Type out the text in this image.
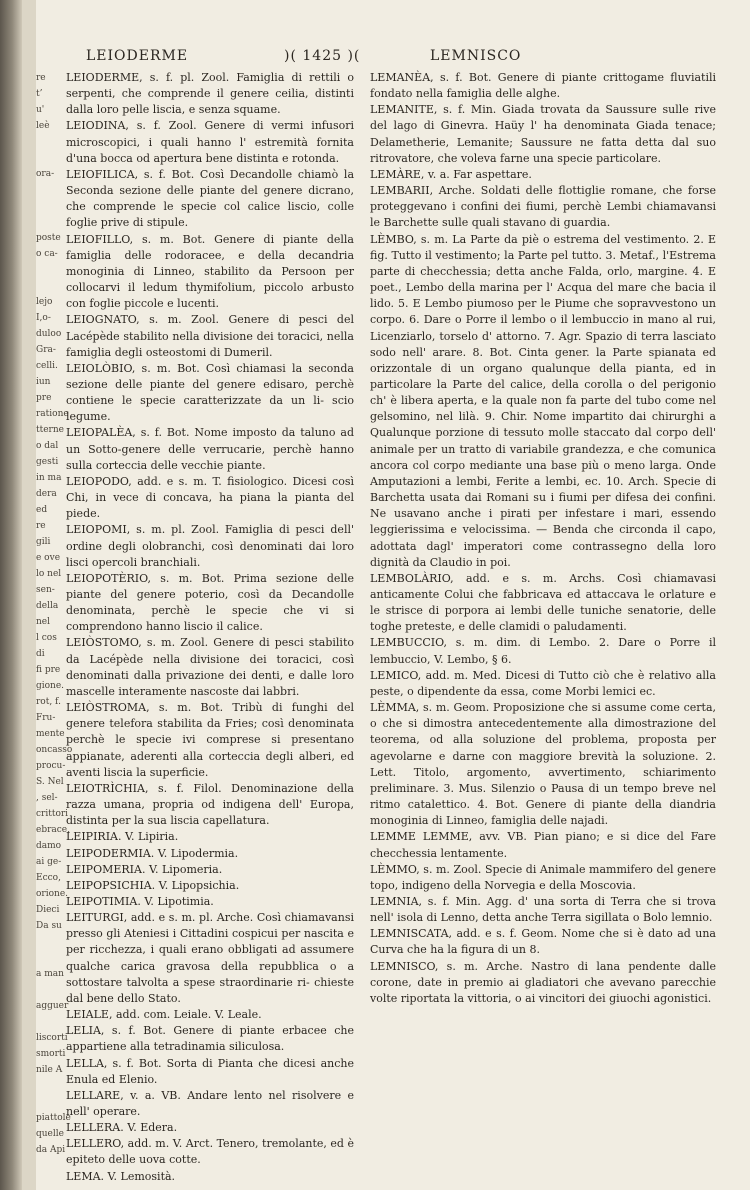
LEIODERME	)( 1425 )(	LEMNISCO
re
t’
u'
leè

ora-

poste
o ca-

lejo
I,o-
duloo
Gra-
celli.
iun
pre
ratione
tterne
o dal
gesti
in ma
dera
ed
re
gili
e ove
lo nel
sen-
della
nel
l cos
di
fi pre
gione.
rot, f.
Fru-
mente
oncasso
procu-
S. Nel
, sel-
crittori
ebrace,
damo
ai ge-
Ecco,
orione.
Dieci
Da su

a man

agguer

liscorti
smorti
nile A

piattole
quelle
da Api

LEIODERME, s. f. pl. Zool. Famiglia di rettili o serpenti, che comprende il genere ceilia, distinti dalla loro pelle liscia, e senza squame.

LEIODINA, s. f. Zool. Genere di vermi infusori microscopici, i quali hanno l' estremità fornita d'una bocca od apertura bene distinta e rotonda.

LEIOFILICA, s. f. Bot. Così Decandolle chiamò la Seconda sezione delle piante del genere dicrano, che comprende le specie col calice liscio, colle foglie prive di stipule.

LEIOFILLO, s. m. Bot. Genere di piante della famiglia delle rodoracee, e della decandria monoginia di Linneo, stabilito da Persoon per collocarvi il ledum thymifolium, piccolo arbusto con foglie piccole e lucenti.

LEIOGNATO, s. m. Zool. Genere di pesci del Lacépède stabilito nella divisione dei toracici, nella famiglia degli osteostomi di Dumeril.

LEIOLÒBIO, s. m. Bot. Così chiamasi la seconda sezione delle piante del genere edisaro, perchè contiene le specie caratterizzate da un li- scio legume.

LEIOPALÈA, s. f. Bot. Nome imposto da taluno ad un Sotto-genere delle verrucarie, perchè hanno sulla corteccia delle vecchie piante.

LEIOPODO, add. e s. m. T. fisiologico. Dicesi così Chi, in vece di concava, ha piana la pianta del piede.

LEIOPOMI, s. m. pl. Zool. Famiglia di pesci dell' ordine degli olobranchi, così denominati dai loro lisci opercoli branchiali.

LEIOPOTÈRIO, s. m. Bot. Prima sezione delle piante del genere poterio, così da Decandolle denominata, perchè le specie che vi si comprendono hanno liscio il calice.

LEIÒSTOMO, s. m. Zool. Genere di pesci stabilito da Lacépède nella divisione dei toracici, così denominati dalla privazione dei denti, e dalle loro mascelle interamente nascoste dai labbri.

LEIÒSTROMA, s. m. Bot. Tribù di funghi del genere telefora stabilita da Fries; così denominata perchè le specie ivi comprese si presentano appianate, aderenti alla corteccia degli alberi, ed aventi liscia la superficie.

LEIOTRÌCHIA, s. f. Filol. Denominazione della razza umana, propria od indigena dell' Europa, distinta per la sua liscia capellatura.

LEIPIRIA. V. Lipiria.

LEIPODERMIA. V. Lipodermia.

LEIPOMERIA. V. Lipomeria.

LEIPOPSICHIA. V. Lipopsichia.

LEIPOTIMIA. V. Lipotimia.

LEITURGI, add. e s. m. pl. Arche. Così chiamavansi presso gli Ateniesi i Cittadini cospicui per nascita e per ricchezza, i quali erano obbligati ad assumere qualche carica gravosa della repubblica o a sottostare talvolta a spese straordinarie ri- chieste dal bene dello Stato.

LEIALE, add. com. Leiale. V. Leale.

LELIA, s. f. Bot. Genere di piante erbacee che appartiene alla tetradinamia siliculosa.

LELLA, s. f. Bot. Sorta di Pianta che dicesi anche Enula ed Elenio.

LELLARE, v. a. VB. Andare lento nel risolvere e nell' operare.

LELLERA. V. Edera.

LELLERO, add. m. V. Arct. Tenero, tremolante, ed è epiteto delle uova cotte.

LEMA. V. Lemosità.

LEMANÈA, s. f. Bot. Genere di piante crittogame fluviatili fondato nella famiglia delle alghe.

LEMANITE, s. f. Min. Giada trovata da Saussure sulle rive del lago di Ginevra. Haüy l' ha denominata Giada tenace; Delametherie, Lemanite; Saussure ne fatta detta dal suo ritrovatore, che voleva farne una specie particolare.

LEMÀRE, v. a. Far aspettare.

LEMBARII, Arche. Soldati delle flottiglie romane, che forse proteggevano i confini dei fiumi, perchè Lembi chiamavansi le Barchette sulle quali stavano di guardia.

LÈMBO, s. m. La Parte da piè o estrema del vestimento. 2. E fig. Tutto il vestimento; la Parte pel tutto. 3. Metaf., l'Estrema parte di checchessia; detta anche Falda, orlo, margine. 4. E poet., Lembo della marina per l' Acqua del mare che bacia il lido. 5. E Lembo piumoso per le Piume che sopravvestono un corpo. 6. Dare o Porre il lembo o il lembuccio in mano al rui, Licenziarlo, torselo d' attorno. 7. Agr. Spazio di terra lasciato sodo nell' arare. 8. Bot. Cinta gener. la Parte spianata ed orizzontale di un organo qualunque della pianta, ed in particolare la Parte del calice, della corolla o del perigonio ch' è libera aperta, e la quale non fa parte del tubo come nel gelsomino, nel lilà. 9. Chir. Nome impartito dai chirurghi a Qualunque porzione di tessuto molle staccato dal corpo dell' animale per un tratto di variabile grandezza, e che comunica ancora col corpo mediante una base più o meno larga. Onde Amputazioni a lembi, Ferite a lembi, ec. 10. Arch. Specie di Barchetta usata dai Romani su i fiumi per difesa dei confini. Ne usavano anche i pirati per infestare i mari, essendo leggierissima e velocissima. — Benda che circonda il capo, adottata dagl' imperatori come contrassegno della loro dignità da Claudio in poi.

LEMBOLÀRIO, add. e s. m. Archs. Così chiamavasi anticamente Colui che fabbricava ed attaccava le orlature e le strisce di porpora ai lembi delle tuniche senatorie, delle toghe preteste, e delle clamidi o paludamenti.

LEMBUCCIO, s. m. dim. di Lembo. 2. Dare o Porre il lembuccio, V. Lembo, § 6.

LEMICO, add. m. Med. Dicesi di Tutto ciò che è relativo alla peste, o dipendente da essa, come Morbi lemici ec.

LÈMMA, s. m. Geom. Proposizione che si assume come certa, o che si dimostra antecedentemente alla dimostrazione del teorema, od alla soluzione del problema, proposta per agevolarne e darne con maggiore brevità la soluzione. 2. Lett. Titolo, argomento, avvertimento, schiarimento preliminare. 3. Mus. Silenzio o Pausa di un tempo breve nel ritmo catalettico. 4. Bot. Genere di piante della diandria monoginia di Linneo, famiglia delle najadi.

LEMME LEMME, avv. VB. Pian piano; e si dice del Fare checchessia lentamente.

LÈMMO, s. m. Zool. Specie di Animale mammifero del genere topo, indigeno della Norvegia e della Moscovia.

LEMNIA, s. f. Min. Agg. d' una sorta di Terra che si trova nell' isola di Lenno, detta anche Terra sigillata o Bolo lemnio.

LEMNISCATA, add. e s. f. Geom. Nome che si è dato ad una Curva che ha la figura di un 8.

LEMNISCO, s. m. Arche. Nastro di lana pendente dalle corone, date in premio ai gladiatori che avevano parecchie volte riportata la vittoria, o ai vincitori dei giuochi agonistici.
